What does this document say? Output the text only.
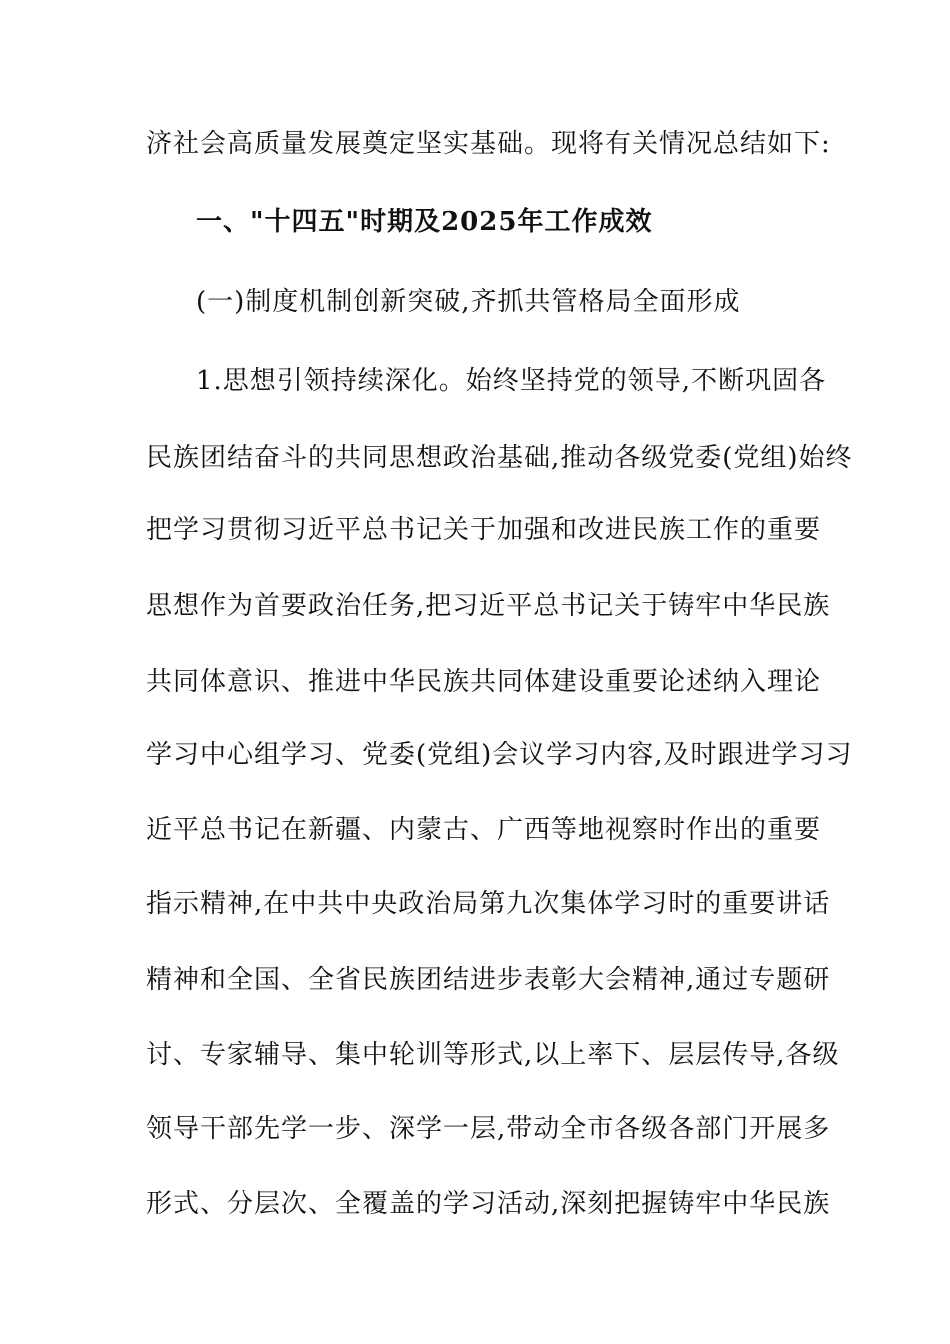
济社会高质量发展奠定坚实基础。现将有关情况总结如下:
一、"十四五"时期及2025年工作成效
(一)制度机制创新突破,齐抓共管格局全面形成
1.思想引领持续深化。始终坚持党的领导,不断巩固各
民族团结奋斗的共同思想政治基础,推动各级党委(党组)始终
把学习贯彻习近平总书记关于加强和改进民族工作的重要
思想作为首要政治任务,把习近平总书记关于铸牢中华民族
共同体意识、推进中华民族共同体建设重要论述纳入理论
学习中心组学习、党委(党组)会议学习内容,及时跟进学习习
近平总书记在新疆、内蒙古、广西等地视察时作出的重要
指示精神,在中共中央政治局第九次集体学习时的重要讲话
精神和全国、全省民族团结进步表彰大会精神,通过专题研
讨、专家辅导、集中轮训等形式,以上率下、层层传导,各级
领导干部先学一步、深学一层,带动全市各级各部门开展多
形式、分层次、全覆盖的学习活动,深刻把握铸牢中华民族
